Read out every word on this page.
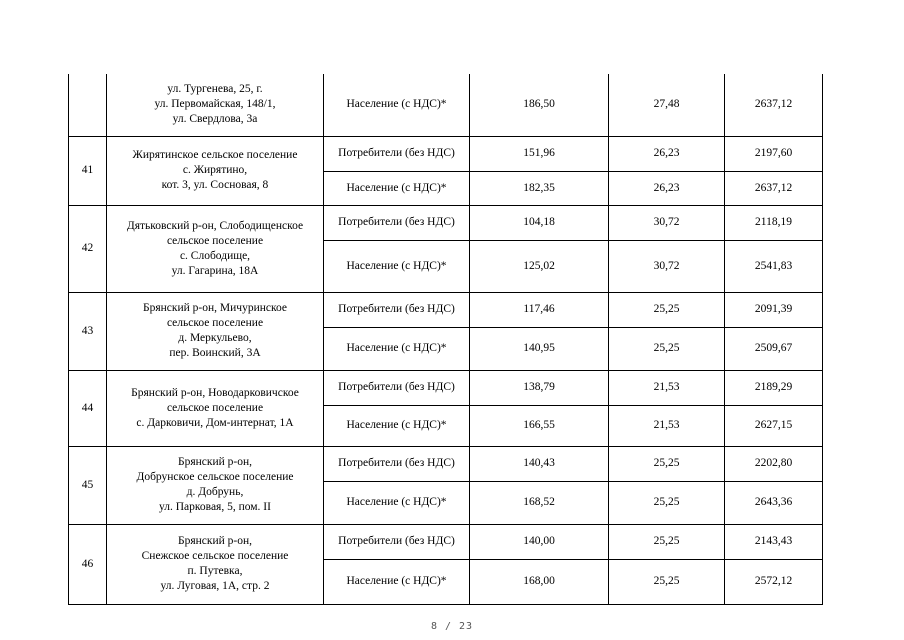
	ул. Тургенева, 25, г.
ул. Первомайская, 148/1,
ул. Свердлова, 3а	Население (с НДС)*	186,50	27,48	2637,12
41	Жирятинское сельское поселение
с. Жирятино,
кот. 3, ул. Сосновая, 8	Потребители (без НДС)	151,96	26,23	2197,60
		Население (с НДС)*	182,35	26,23	2637,12
42	Дятьковский р-он, Слободищенское
сельское поселение
с. Слободище,
ул. Гагарина, 18А	Потребители (без НДС)	104,18	30,72	2118,19
		Население (с НДС)*	125,02	30,72	2541,83
43	Брянский р-он, Мичуринское
сельское поселение
д. Меркульево,
пер. Воинский, 3А	Потребители (без НДС)	117,46	25,25	2091,39
		Население (с НДС)*	140,95	25,25	2509,67
44	Брянский р-он, Новодарковичское
сельское поселение
с. Дарковичи, Дом-интернат, 1А	Потребители (без НДС)	138,79	21,53	2189,29
		Население (с НДС)*	166,55	21,53	2627,15
45	Брянский р-он,
Добрунское сельское поселение
д. Добрунь,
ул. Парковая, 5, пом. II	Потребители (без НДС)	140,43	25,25	2202,80
		Население (с НДС)*	168,52	25,25	2643,36
46	Брянский р-он,
Снежское сельское поселение
п. Путевка,
ул. Луговая, 1А, стр. 2	Потребители (без НДС)	140,00	25,25	2143,43
		Население (с НДС)*	168,00	25,25	2572,12
8 / 23
